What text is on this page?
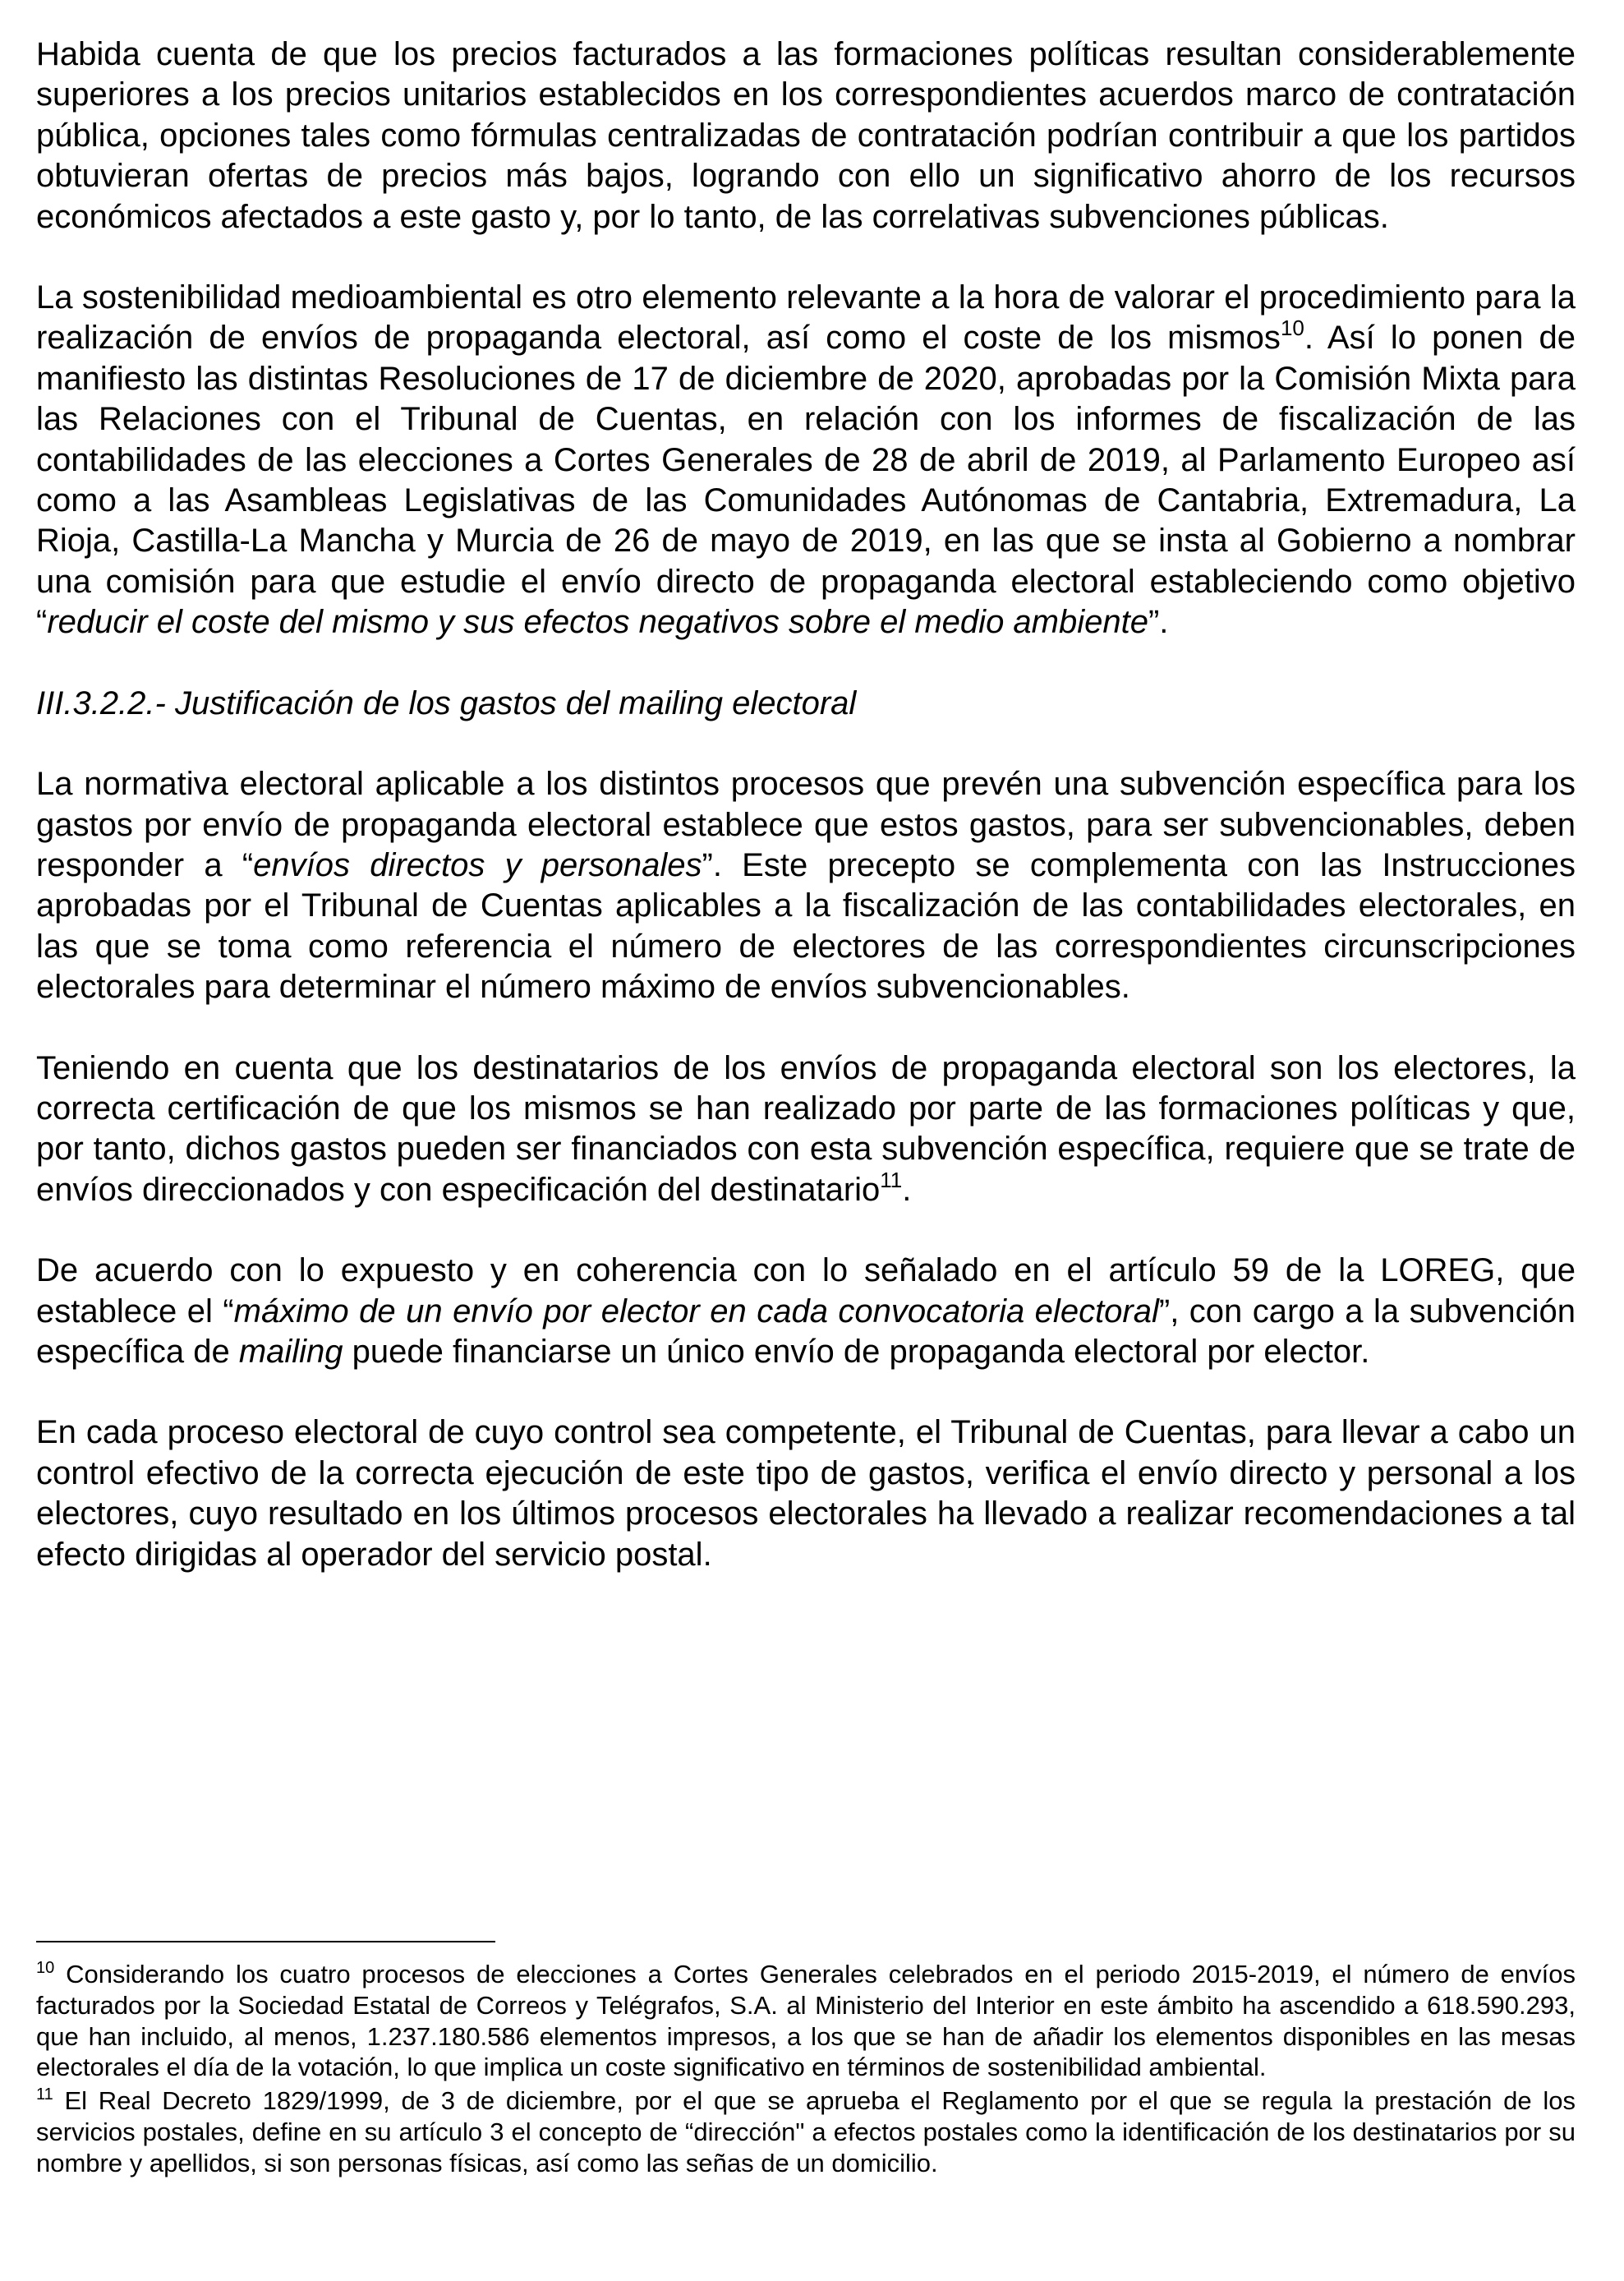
Habida cuenta de que los precios facturados a las formaciones políticas resultan considerablemente superiores a los precios unitarios establecidos en los correspondientes acuerdos marco de contratación pública, opciones tales como fórmulas centralizadas de contratación podrían contribuir a que los partidos obtuvieran ofertas de precios más bajos, logrando con ello un significativo ahorro de los recursos económicos afectados a este gasto y, por lo tanto, de las correlativas subvenciones públicas.

La sostenibilidad medioambiental es otro elemento relevante a la hora de valorar el procedimiento para la realización de envíos de propaganda electoral, así como el coste de los mismos$^{10}$. Así lo ponen de manifiesto las distintas Resoluciones de 17 de diciembre de 2020, aprobadas por la Comisión Mixta para las Relaciones con el Tribunal de Cuentas, en relación con los informes de fiscalización de las contabilidades de las elecciones a Cortes Generales de 28 de abril de 2019, al Parlamento Europeo así como a las Asambleas Legislativas de las Comunidades Autónomas de Cantabria, Extremadura, La Rioja, Castilla-La Mancha y Murcia de 26 de mayo de 2019, en las que se insta al Gobierno a nombrar una comisión para que estudie el envío directo de propaganda electoral estableciendo como objetivo “reducir el coste del mismo y sus efectos negativos sobre el medio ambiente”.

III.3.2.2.- Justificación de los gastos del mailing electoral

La normativa electoral aplicable a los distintos procesos que prevén una subvención específica para los gastos por envío de propaganda electoral establece que estos gastos, para ser subvencionables, deben responder a “envíos directos y personales”. Este precepto se complementa con las Instrucciones aprobadas por el Tribunal de Cuentas aplicables a la fiscalización de las contabilidades electorales, en las que se toma como referencia el número de electores de las correspondientes circunscripciones electorales para determinar el número máximo de envíos subvencionables.

Teniendo en cuenta que los destinatarios de los envíos de propaganda electoral son los electores, la correcta certificación de que los mismos se han realizado por parte de las formaciones políticas y que, por tanto, dichos gastos pueden ser financiados con esta subvención específica, requiere que se trate de envíos direccionados y con especificación del destinatario$^{11}$.

De acuerdo con lo expuesto y en coherencia con lo señalado en el artículo 59 de la LOREG, que establece el “máximo de un envío por elector en cada convocatoria electoral”, con cargo a la subvención específica de mailing puede financiarse un único envío de propaganda electoral por elector.

En cada proceso electoral de cuyo control sea competente, el Tribunal de Cuentas, para llevar a cabo un control efectivo de la correcta ejecución de este tipo de gastos, verifica el envío directo y personal a los electores, cuyo resultado en los últimos procesos electorales ha llevado a realizar recomendaciones a tal efecto dirigidas al operador del servicio postal.

$^{10}$ Considerando los cuatro procesos de elecciones a Cortes Generales celebrados en el periodo 2015-2019, el número de envíos facturados por la Sociedad Estatal de Correos y Telégrafos, S.A. al Ministerio del Interior en este ámbito ha ascendido a 618.590.293, que han incluido, al menos, 1.237.180.586 elementos impresos, a los que se han de añadir los elementos disponibles en las mesas electorales el día de la votación, lo que implica un coste significativo en términos de sostenibilidad ambiental.

$^{11}$ El Real Decreto 1829/1999, de 3 de diciembre, por el que se aprueba el Reglamento por el que se regula la prestación de los servicios postales, define en su artículo 3 el concepto de “dirección" a efectos postales como la identificación de los destinatarios por su nombre y apellidos, si son personas físicas, así como las señas de un domicilio.
